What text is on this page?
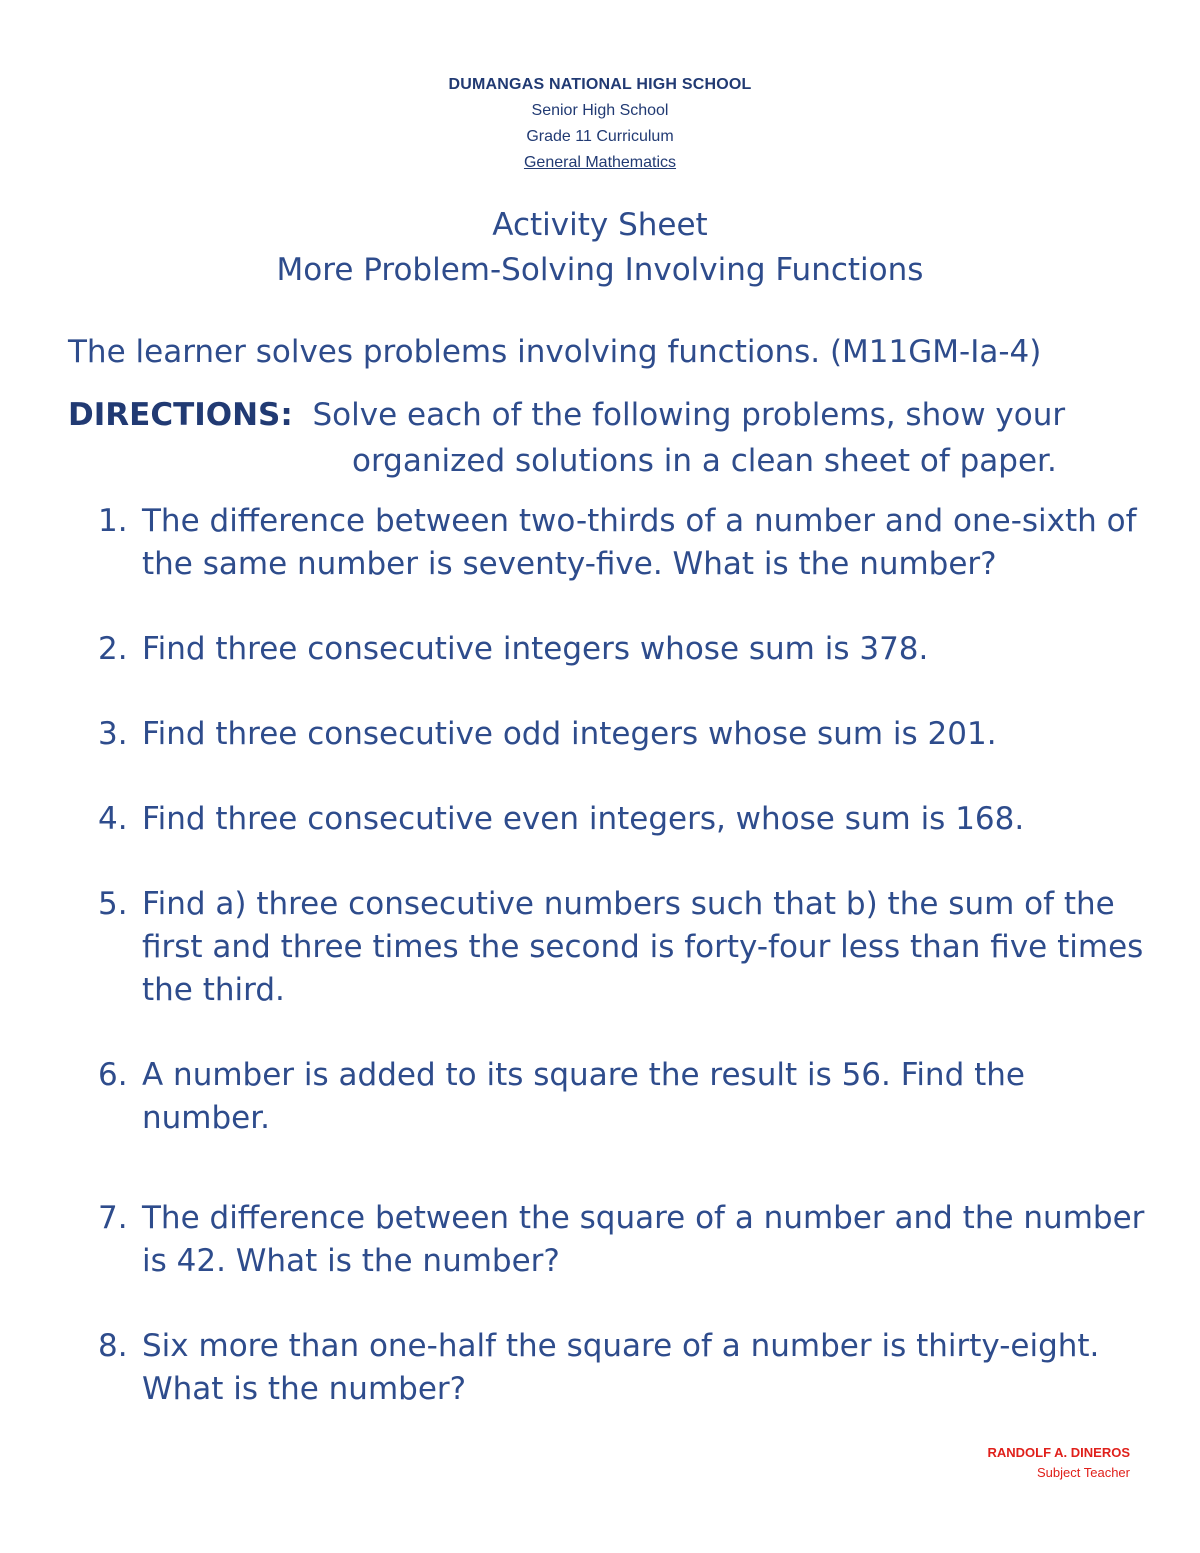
DUMANGAS NATIONAL HIGH SCHOOL
Senior High School
Grade 11 Curriculum
General Mathematics
Activity Sheet
More Problem-Solving Involving Functions
The learner solves problems involving functions. (M11GM-Ia-4)
DIRECTIONS: Solve each of the following problems, show your
organized solutions in a clean sheet of paper.
1. The difference between two-thirds of a number and one-sixth of the same number is seventy-five. What is the number?
2. Find three consecutive integers whose sum is 378.
3. Find three consecutive odd integers whose sum is 201.
4. Find three consecutive even integers, whose sum is 168.
5. Find a) three consecutive numbers such that b) the sum of the first and three times the second is forty-four less than five times the third.
6. A number is added to its square the result is 56. Find the number.
7. The difference between the square of a number and the number is 42. What is the number?
8. Six more than one-half the square of a number is thirty-eight. What is the number?
RANDOLF A. DINEROS
Subject Teacher
